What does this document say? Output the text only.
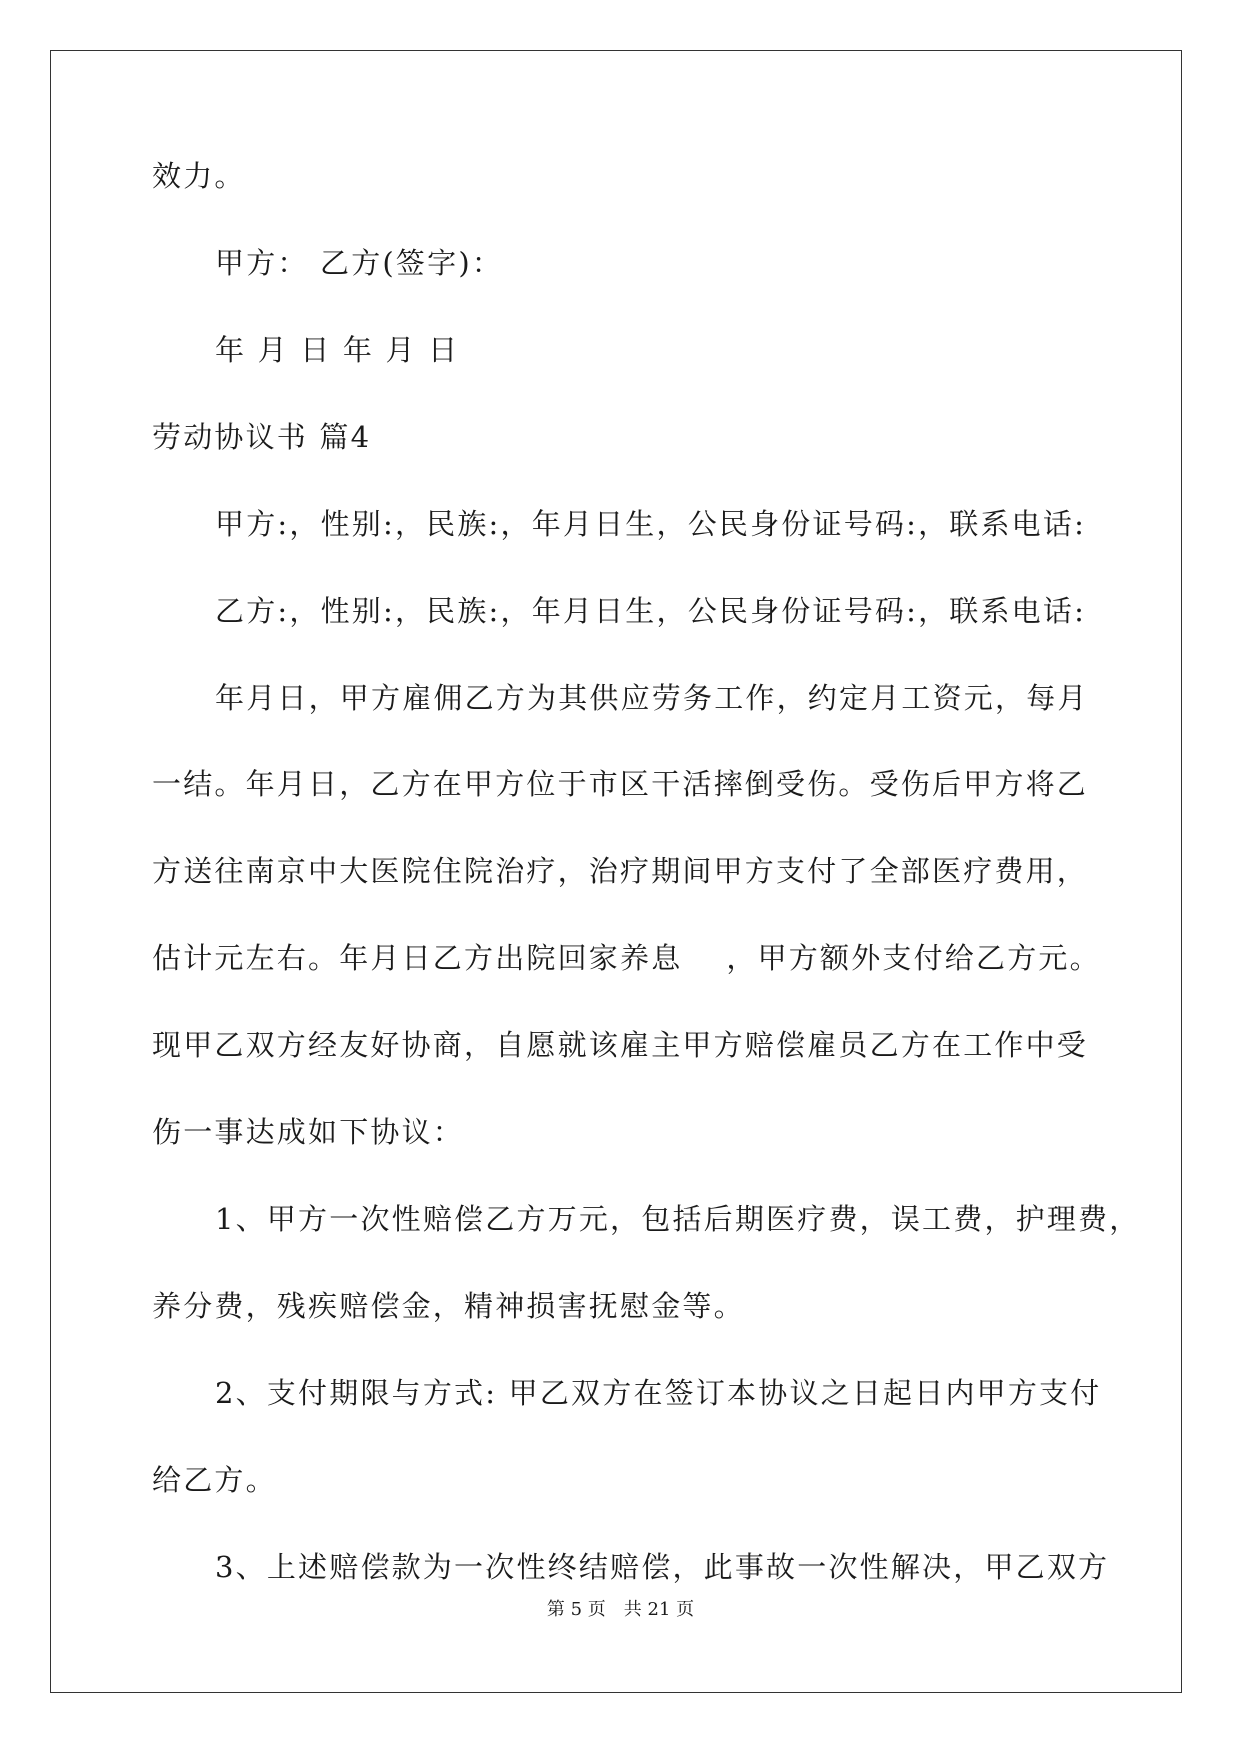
效力。
甲方： 乙方(签字)：
年 月 日 年 月 日
劳动协议书 篇4
甲方:，性别:，民族:，年月日生，公民身份证号码:，联系电话:
乙方:，性别:，民族:，年月日生，公民身份证号码:，联系电话:
年月日，甲方雇佣乙方为其供应劳务工作，约定月工资元，每月
一结。年月日，乙方在甲方位于市区干活摔倒受伤。受伤后甲方将乙
方送往南京中大医院住院治疗，治疗期间甲方支付了全部医疗费用，
估计元左右。年月日乙方出院回家养息 ，甲方额外支付给乙方元。
现甲乙双方经友好协商，自愿就该雇主甲方赔偿雇员乙方在工作中受
伤一事达成如下协议：
1、甲方一次性赔偿乙方万元，包括后期医疗费，误工费，护理费，
养分费，残疾赔偿金，精神损害抚慰金等。
2、支付期限与方式: 甲乙双方在签订本协议之日起日内甲方支付
给乙方。
3、上述赔偿款为一次性终结赔偿，此事故一次性解决，甲乙双方
第 5 页 共 21 页
